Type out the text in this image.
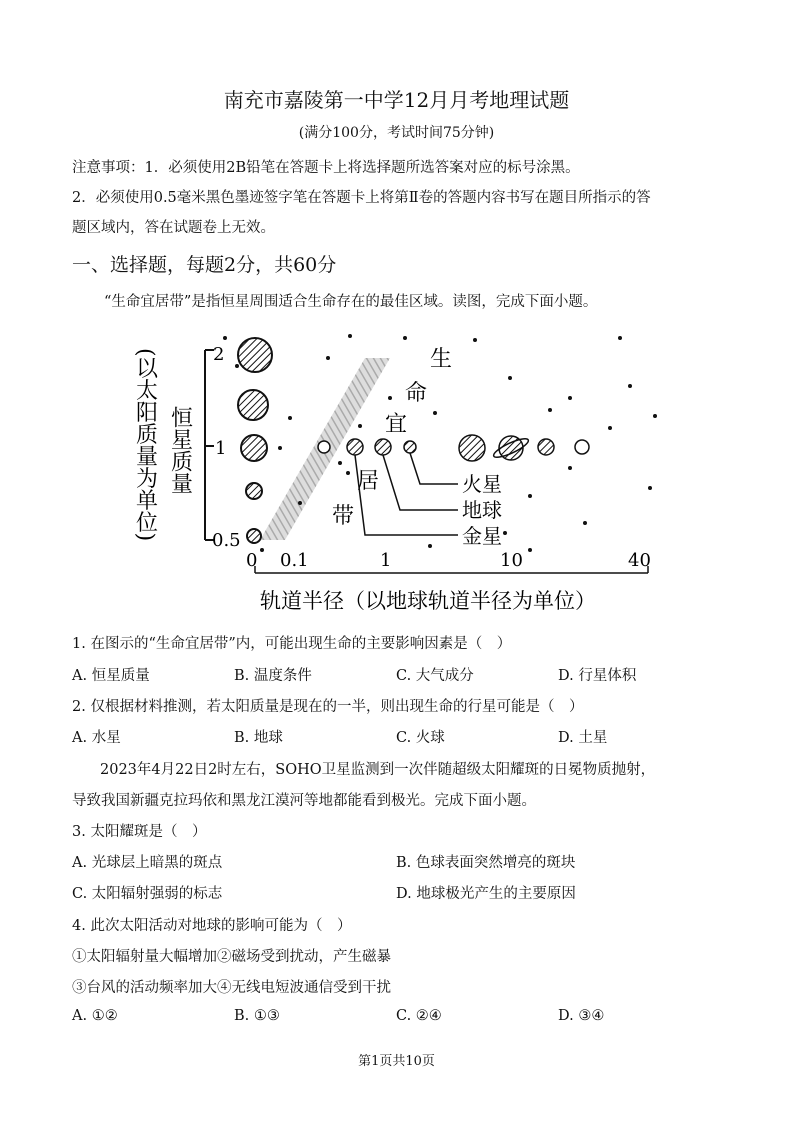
南充市嘉陵第一中学12月月考地理试题
(满分100分，考试时间75分钟)
注意事项：1．必须使用2B铅笔在答题卡上将选择题所选答案对应的标号涂黑。
2．必须使用0.5毫米黑色墨迹签字笔在答题卡上将第Ⅱ卷的答题内容书写在题目所指示的答
题区域内，答在试题卷上无效。
一、选择题，每题2分，共60分
“生命宜居带”是指恒星周围适合生命存在的最佳区域。读图，完成下面小题。
(以太阳质量为单位) 恒星质量
2
1
0.5
火星
地球
金星
生
命
宜
居
带
0 0.1	1	10	40
轨道半径（以地球轨道半径为单位）
1. 在图示的“生命宜居带”内，可能出现生命的主要影响因素是（　）
A. 恒星质量	B. 温度条件	C. 大气成分	D. 行星体积
2. 仅根据材料推测，若太阳质量是现在的一半，则出现生命的行星可能是（　）
A. 水星	B. 地球	C. 火球	D. 土星
2023年4月22日2时左右，SOHO卫星监测到一次伴随超级太阳耀斑的日冕物质抛射，
导致我国新疆克拉玛依和黑龙江漠河等地都能看到极光。完成下面小题。
3. 太阳耀斑是（　）
A. 光球层上暗黑的斑点	B. 色球表面突然增亮的斑块
C. 太阳辐射强弱的标志	D. 地球极光产生的主要原因
4. 此次太阳活动对地球的影响可能为（　）
①太阳辐射量大幅增加②磁场受到扰动，产生磁暴
③台风的活动频率加大④无线电短波通信受到干扰
A. ①②	B. ①③	C. ②④	D. ③④
第1页共10页
